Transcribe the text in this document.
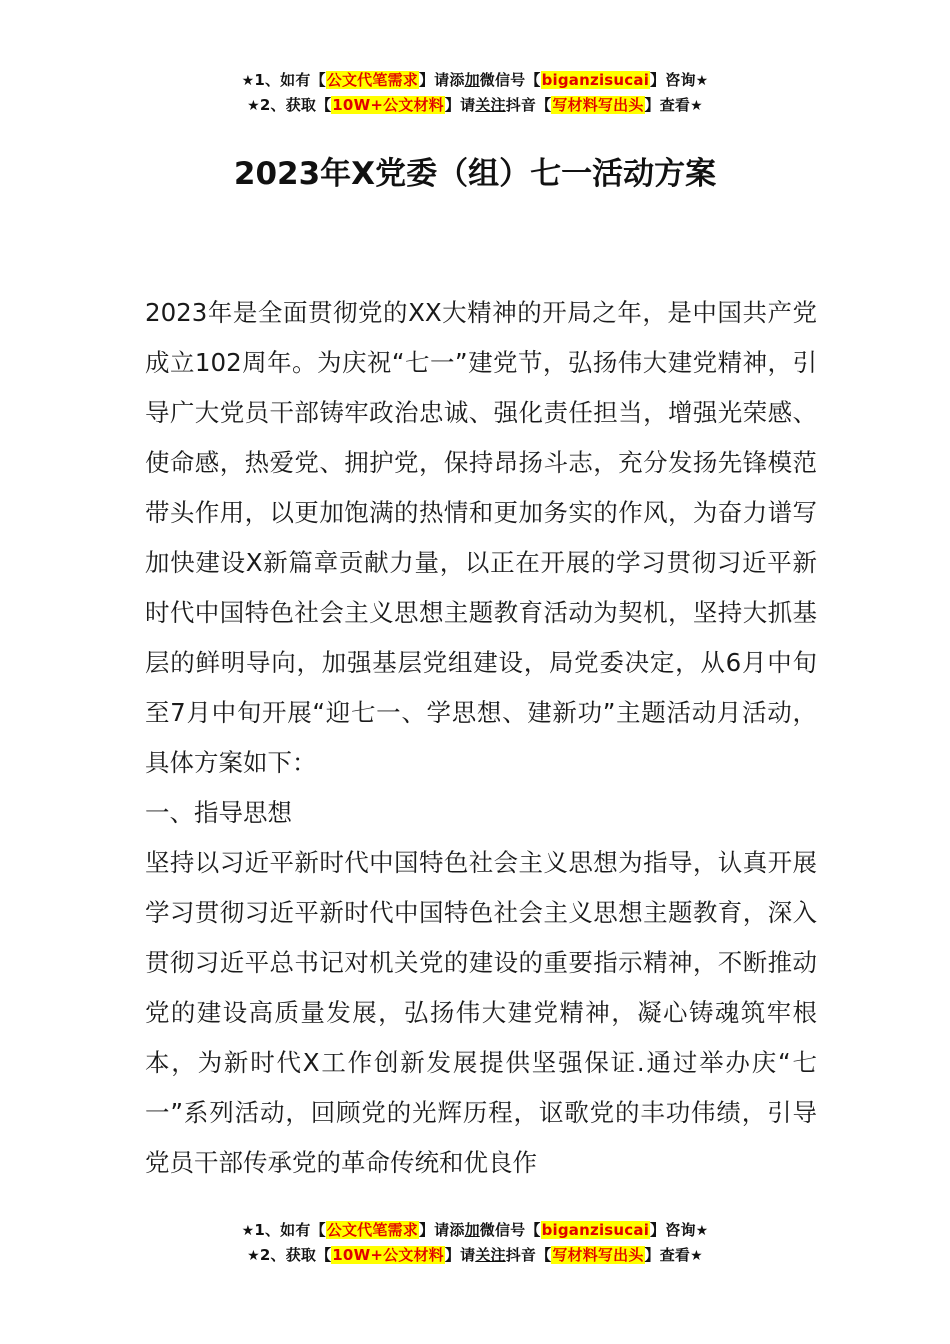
★1、如有【公文代笔需求】请添加微信号【biganzisucai】咨询★
★2、获取【10W+公文材料】请关注抖音【写材料写出头】查看★
2023年X党委（组）七一活动方案

2023年是全面贯彻党的XX大精神的开局之年，是中国共产党成立102周年。为庆祝“七一”建党节，弘扬伟大建党精神，引导广大党员干部铸牢政治忠诚、强化责任担当，增强光荣感、使命感，热爱党、拥护党，保持昂扬斗志，充分发扬先锋模范带头作用，以更加饱满的热情和更加务实的作风，为奋力谱写加快建设X新篇章贡献力量，以正在开展的学习贯彻习近平新时代中国特色社会主义思想主题教育活动为契机，坚持大抓基层的鲜明导向，加强基层党组建设，局党委决定，从6月中旬至7月中旬开展“迎七一、学思想、建新功”主题活动月活动，具体方案如下：

一、指导思想

坚持以习近平新时代中国特色社会主义思想为指导，认真开展学习贯彻习近平新时代中国特色社会主义思想主题教育，深入贯彻习近平总书记对机关党的建设的重要指示精神，不断推动党的建设高质量发展，弘扬伟大建党精神，凝心铸魂筑牢根本，为新时代X工作创新发展提供坚强保证.通过举办庆“七一”系列活动，回顾党的光辉历程，讴歌党的丰功伟绩，引导党员干部传承党的革命传统和优良作

★1、如有【公文代笔需求】请添加微信号【biganzisucai】咨询★
★2、获取【10W+公文材料】请关注抖音【写材料写出头】查看★
